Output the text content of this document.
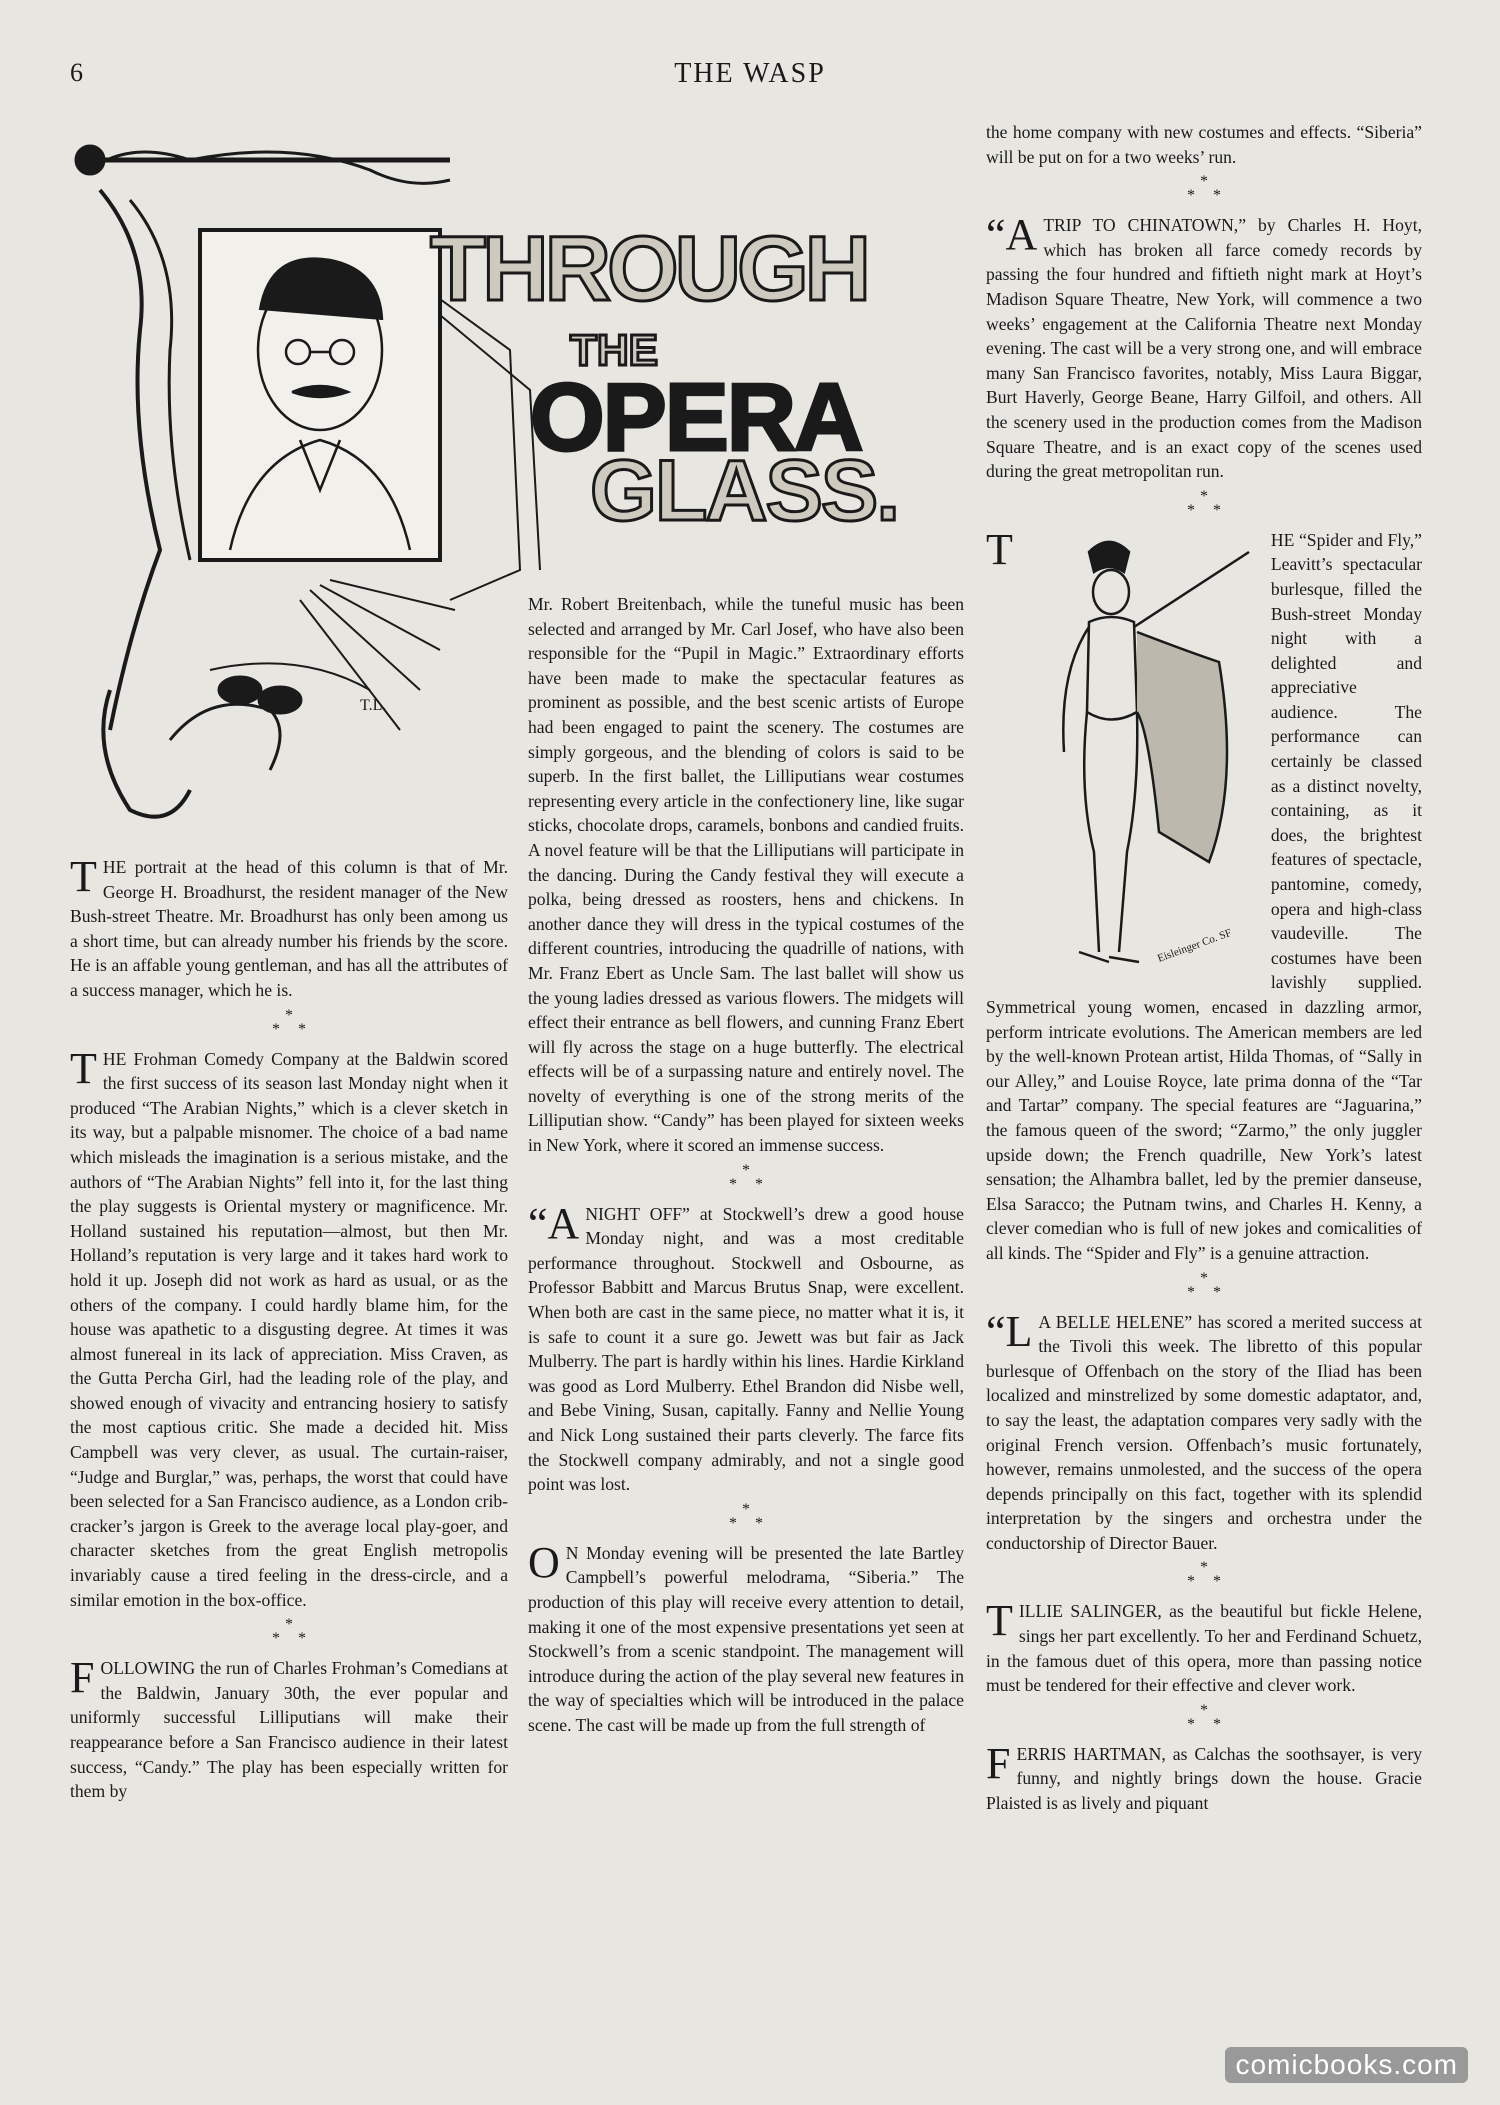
6	THE WASP
T.L.
THROUGH
THE
OPERA
GLASS.

THE portrait at the head of this column is that of Mr. George H. Broadhurst, the resident manager of the New Bush-street Theatre. Mr. Broadhurst has only been among us a short time, but can already number his friends by the score. He is an affable young gentleman, and has all the attributes of a success manager, which he is.

*
**

THE Frohman Comedy Company at the Baldwin scored the first success of its season last Monday night when it produced “The Arabian Nights,” which is a clever sketch in its way, but a palpable misnomer. The choice of a bad name which misleads the imagination is a serious mistake, and the authors of “The Arabian Nights” fell into it, for the last thing the play suggests is Oriental mystery or magnificence. Mr. Holland sustained his reputation—almost, but then Mr. Holland’s reputation is very large and it takes hard work to hold it up. Joseph did not work as hard as usual, or as the others of the company. I could hardly blame him, for the house was apathetic to a disgusting degree. At times it was almost funereal in its lack of appreciation. Miss Craven, as the Gutta Percha Girl, had the leading role of the play, and showed enough of vivacity and entrancing hosiery to satisfy the most captious critic. She made a decided hit. Miss Campbell was very clever, as usual. The curtain-raiser, “Judge and Burglar,” was, perhaps, the worst that could have been selected for a San Francisco audience, as a London crib-cracker’s jargon is Greek to the average local play-goer, and character sketches from the great English metropolis invariably cause a tired feeling in the dress-circle, and a similar emotion in the box-office.

*
**

FOLLOWING the run of Charles Frohman’s Comedians at the Baldwin, January 30th, the ever popular and uniformly successful Lilliputians will make their reappearance before a San Francisco audience in their latest success, “Candy.” The play has been especially written for them by

Mr. Robert Breitenbach, while the tuneful music has been selected and arranged by Mr. Carl Josef, who have also been responsible for the “Pupil in Magic.” Extraordinary efforts have been made to make the spectacular features as prominent as possible, and the best scenic artists of Europe had been engaged to paint the scenery. The costumes are simply gorgeous, and the blending of colors is said to be superb. In the first ballet, the Lilliputians wear costumes representing every article in the confectionery line, like sugar sticks, chocolate drops, caramels, bonbons and candied fruits. A novel feature will be that the Lilliputians will participate in the dancing. During the Candy festival they will execute a polka, being dressed as roosters, hens and chickens. In another dance they will dress in the typical costumes of the different countries, introducing the quadrille of nations, with Mr. Franz Ebert as Uncle Sam. The last ballet will show us the young ladies dressed as various flowers. The midgets will effect their entrance as bell flowers, and cunning Franz Ebert will fly across the stage on a huge butterfly. The electrical effects will be of a surpassing nature and entirely novel. The novelty of everything is one of the strong merits of the Lilliputian show. “Candy” has been played for sixteen weeks in New York, where it scored an immense success.

*
**

“A NIGHT OFF” at Stockwell’s drew a good house Monday night, and was a most creditable performance throughout. Stockwell and Osbourne, as Professor Babbitt and Marcus Brutus Snap, were excellent. When both are cast in the same piece, no matter what it is, it is safe to count it a sure go. Jewett was but fair as Jack Mulberry. The part is hardly within his lines. Hardie Kirkland was good as Lord Mulberry. Ethel Brandon did Nisbe well, and Bebe Vining, Susan, capitally. Fanny and Nellie Young and Nick Long sustained their parts cleverly. The farce fits the Stockwell company admirably, and not a single good point was lost.

*
**

O N Monday evening will be presented the late Bartley Campbell’s powerful melodrama, “Siberia.” The production of this play will receive every attention to detail, making it one of the most expensive presentations yet seen at Stockwell’s from a scenic standpoint. The management will introduce during the action of the play several new features in the way of specialties which will be introduced in the palace scene. The cast will be made up from the full strength of

the home company with new costumes and effects. “Siberia” will be put on for a two weeks’ run.

*
**

“A TRIP TO CHINATOWN,” by Charles H. Hoyt, which has broken all farce comedy records by passing the four hundred and fiftieth night mark at Hoyt’s Madison Square Theatre, New York, will commence a two weeks’ engagement at the California Theatre next Monday evening. The cast will be a very strong one, and will embrace many San Francisco favorites, notably, Miss Laura Biggar, Burt Haverly, George Beane, Harry Gilfoil, and others. All the scenery used in the production comes from the Madison Square Theatre, and is an exact copy of the scenes used during the great metropolitan run.

*
**

T
Eisleinger Co. SF
HE “Spider and Fly,” Leavitt’s spectacular burlesque, filled the Bush-street Monday night with a delighted and appreciative audience. The performance can certainly be classed as a distinct novelty, containing, as it does, the brightest features of spectacle, pantomine, comedy, opera and high-class vaudeville. The costumes have been lavishly supplied. Symmetrical young women, encased in dazzling armor, perform intricate evolutions. The American members are led by the well-known Protean artist, Hilda Thomas, of “Sally in our Alley,” and Louise Royce, late prima donna of the “Tar and Tartar” company. The special features are “Jaguarina,” the famous queen of the sword; “Zarmo,” the only juggler upside down; the French quadrille, New York’s latest sensation; the Alhambra ballet, led by the premier danseuse, Elsa Saracco; the Putnam twins, and Charles H. Kenny, a clever comedian who is full of new jokes and comicalities of all kinds. The “Spider and Fly” is a genuine attraction.

*
**

“L A BELLE HELENE” has scored a merited success at the Tivoli this week. The libretto of this popular burlesque of Offenbach on the story of the Iliad has been localized and minstrelized by some domestic adaptator, and, to say the least, the adaptation compares very sadly with the original French version. Offenbach’s music fortunately, however, remains unmolested, and the success of the opera depends principally on this fact, together with its splendid interpretation by the singers and orchestra under the conductorship of Director Bauer.

*
**

TILLIE SALINGER, as the beautiful but fickle Helene, sings her part excellently. To her and Ferdinand Schuetz, in the famous duet of this opera, more than passing notice must be tendered for their effective and clever work.

*
**

FERRIS HARTMAN, as Calchas the soothsayer, is very funny, and nightly brings down the house. Gracie Plaisted is as lively and piquant

comicbooks.com
